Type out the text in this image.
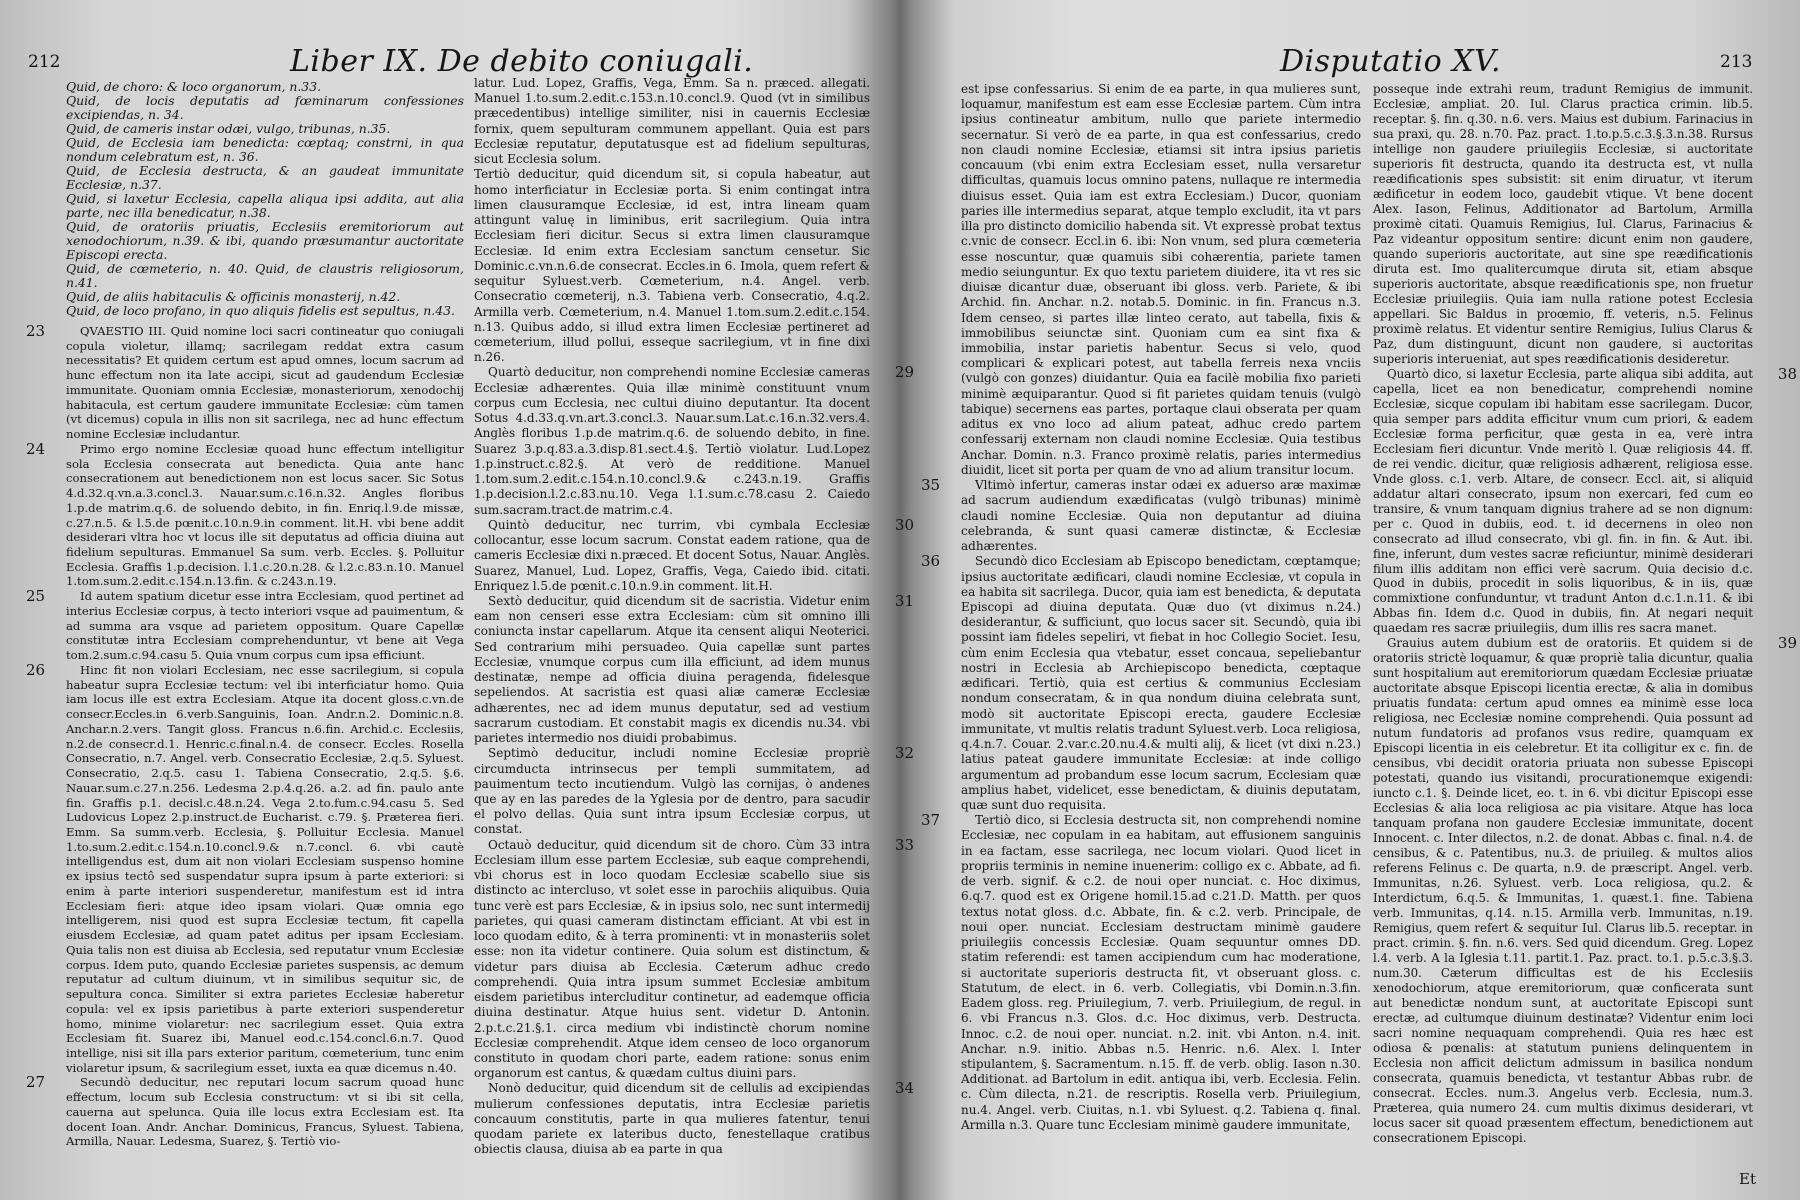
212	Liber IX. De debito coniugali.

Quid, de choro: & loco organorum, n.33.

Quid, de locis deputatis ad fœminarum confessiones excipiendas, n. 34.

Quid, de cameris instar odæi, vulgo, tribunas, n.35.

Quid, de Ecclesia iam benedicta: cœptaq; constrni, in qua nondum celebratum est, n. 36.

Quid, de Ecclesia destructa, & an gaudeat immunitate Ecclesiæ, n.37.

Quid, si laxetur Ecclesia, capella aliqua ipsi addita, aut alia parte, nec illa benedicatur, n.38.

Quid, de oratoriis priuatis, Ecclesiis eremitoriorum aut xenodochiorum, n.39. & ibi, quando præsumantur auctoritate Episcopi erecta.

Quid, de cœmeterio, n. 40. Quid, de claustris religiosorum, n.41.

Quid, de aliis habitaculis & officinis monasterij, n.42.

Quid, de loco profano, in quo aliquis fidelis est sepultus, n.43.

QVAESTIO III. Quid nomine loci sacri contineatur quo coniugali copula violetur, illamq; sacrilegam reddat extra casum necessitatis? Et quidem certum est apud omnes, locum sacrum ad hunc effectum non ita late accipi, sicut ad gaudendum Ecclesiæ immunitate. Quoniam omnia Ecclesiæ, monasteriorum, xenodochij habitacula, est certum gaudere immunitate Ecclesiæ: cùm tamen (vt dicemus) copula in illis non sit sacrilega, nec ad hunc effectum nomine Ecclesiæ includantur.
23

Primo ergo nomine Ecclesiæ quoad hunc effectum intelligitur sola Ecclesia consecrata aut benedicta. Quia ante hanc consecrationem aut benedictionem non est locus sacer. Sic Sotus 4.d.32.q.vn.a.3.concl.3. Nauar.sum.c.16.n.32. Angles floribus 1.p.de matrim.q.6. de soluendo debito, in fin. Enriq.l.9.de missæ, c.27.n.5. & l.5.de pœnit.c.10.n.9.in comment. lit.H. vbi bene addit desiderari vltra hoc vt locus ille sit deputatus ad officia diuina aut fidelium sepulturas. Emmanuel Sa sum. verb. Eccles. §. Polluitur Ecclesia. Graffis 1.p.decision. l.1.c.20.n.28. & l.2.c.83.n.10. Manuel 1.tom.sum.2.edit.c.154.n.13.fin. & c.243.n.19.
24

Id autem spatium dicetur esse intra Ecclesiam, quod pertinet ad interius Ecclesiæ corpus, à tecto interiori vsque ad pauimentum, & ad summa ara vsque ad parietem oppositum. Quare Capellæ constitutæ intra Ecclesiam comprehenduntur, vt bene ait Vega tom.2.sum.c.94.casu 5. Quia vnum corpus cum ipsa efficiunt.
25

Hinc fit non violari Ecclesiam, nec esse sacrilegium, si copula habeatur supra Ecclesiæ tectum: vel ibi interficiatur homo. Quia iam locus ille est extra Ecclesiam. Atque ita docent gloss.c.vn.de consecr.Eccles.in 6.verb.Sanguinis, Ioan. Andr.n.2. Dominic.n.8. Anchar.n.2.vers. Tangit gloss. Francus n.6.fin. Archid.c. Ecclesiis, n.2.de consecr.d.1. Henric.c.final.n.4. de consecr. Eccles. Rosella Consecratio, n.7. Angel. verb. Consecratio Ecclesiæ, 2.q.5. Syluest. Consecratio, 2.q.5. casu 1. Tabiena Consecratio, 2.q.5. §.6. Nauar.sum.c.27.n.256. Ledesma 2.p.4.q.26. a.2. ad fin. paulo ante fin. Graffis p.1. decisl.c.48.n.24. Vega 2.to.fum.c.94.casu 5. Sed Ludovicus Lopez 2.p.instruct.de Eucharist. c.79. §. Præterea fieri. Emm. Sa summ.verb. Ecclesia, §. Polluitur Ecclesia. Manuel 1.to.sum.2.edit.c.154.n.10.concl.9.& n.7.concl. 6. vbi cautè intelligendus est, dum ait non violari Ecclesiam suspenso homine ex ipsius tectô sed suspendatur supra ipsum à parte exteriori: si enim à parte interiori suspenderetur, manifestum est id intra Ecclesiam fieri: atque ideo ipsam violari. Quæ omnia ego intelligerem, nisi quod est supra Ecclesiæ tectum, fit capella eiusdem Ecclesiæ, ad quam patet aditus per ipsam Ecclesiam. Quia talis non est diuisa ab Ecclesia, sed reputatur vnum Ecclesiæ corpus. Idem puto, quando Ecclesiæ parietes suspensis, ac demum reputatur ad cultum diuinum, vt in similibus sequitur sic, de sepultura conca. Similiter si extra parietes Ecclesiæ haberetur copula: vel ex ipsis parietibus à parte exteriori suspenderetur homo, minime violaretur: nec sacrilegium esset. Quia extra Ecclesiam fit. Suarez ibi, Manuel eod.c.154.concl.6.n.7. Quod intellige, nisi sit illa pars exterior paritum, cœmeterium, tunc enim violaretur ipsum, & sacrilegium esset, iuxta ea quæ dicemus n.40.
26

Secundò deducitur, nec reputari locum sacrum quoad hunc effectum, locum sub Ecclesia constructum: vt si ibi sit cella, cauerna aut spelunca. Quia ille locus extra Ecclesiam est. Ita docent Ioan. Andr. Anchar. Dominicus, Francus, Syluest. Tabiena, Armilla, Nauar. Ledesma, Suarez, §. Tertiò vio-
27

latur. Lud. Lopez, Graffis, Vega, Emm. Sa n. præced. allegati. Manuel 1.to.sum.2.edit.c.153.n.10.concl.9. Quod (vt in similibus præcedentibus) intellige similiter, nisi in cauernis Ecclesiæ fornix, quem sepulturam communem appellant. Quia est pars Ecclesiæ reputatur, deputatusque est ad fidelium sepulturas, sicut Ecclesia solum.

Tertiò deducitur, quid dicendum sit, si copula habeatur, aut homo interficiatur in Ecclesiæ porta. Si enim contingat intra limen clausuramque Ecclesiæ, id est, intra lineam quam attingunt valuę in liminibus, erit sacrilegium. Quia intra Ecclesiam fieri dicitur. Secus si extra limen clausuramque Ecclesiæ. Id enim extra Ecclesiam sanctum censetur. Sic Dominic.c.vn.n.6.de consecrat. Eccles.in 6. Imola, quem refert & sequitur Syluest.verb. Cœmeterium, n.4. Angel. verb. Consecratio cœmeterij, n.3. Tabiena verb. Consecratio, 4.q.2. Armilla verb. Cœmeterium, n.4. Manuel 1.tom.sum.2.edit.c.154. n.13. Quibus addo, si illud extra limen Ecclesiæ pertineret ad cœmeterium, illud pollui, esseque sacrilegium, vt in fine dixi n.26.

Quartò deducitur, non comprehendi nomine Ecclesiæ cameras Ecclesiæ adhærentes. Quia illæ minimè constituunt vnum corpus cum Ecclesia, nec cultui diuino deputantur. Ita docent Sotus 4.d.33.q.vn.art.3.concl.3. Nauar.sum.Lat.c.16.n.32.vers.4. Anglès floribus 1.p.de matrim.q.6. de soluendo debito, in fine. Suarez 3.p.q.83.a.3.disp.81.sect.4.§. Tertiò violatur. Lud.Lopez 1.p.instruct.c.82.§. At verò de redditione. Manuel 1.tom.sum.2.edit.c.154.n.10.concl.9.& c.243.n.19. Graffis 1.p.decision.l.2.c.83.nu.10. Vega l.1.sum.c.78.casu 2. Caiedo sum.sacram.tract.de matrim.c.4.
29

Quintò deducitur, nec turrim, vbi cymbala Ecclesiæ collocantur, esse locum sacrum. Constat eadem ratione, qua de cameris Ecclesiæ dixi n.præced. Et docent Sotus, Nauar. Anglès. Suarez, Manuel, Lud. Lopez, Graffis, Vega, Caiedo ibid. citati. Enriquez l.5.de pœnit.c.10.n.9.in comment. lit.H.
30

Sextò deducitur, quid dicendum sit de sacristia. Videtur enim eam non censeri esse extra Ecclesiam: cùm sit omnino illi coniuncta instar capellarum. Atque ita censent aliqui Neoterici. Sed contrarium mihi persuadeo. Quia capellæ sunt partes Ecclesiæ, vnumque corpus cum illa efficiunt, ad idem munus destinatæ, nempe ad officia diuina peragenda, fidelesque sepeliendos. At sacristia est quasi aliæ cameræ Ecclesiæ adhærentes, nec ad idem munus deputatur, sed ad vestium sacrarum custodiam. Et constabit magis ex dicendis nu.34. vbi parietes intermedio nos diuidi probabimus.
31

Septimò deducitur, includi nomine Ecclesiæ propriè circumducta intrinsecus per templi summitatem, ad pauimentum tecto incutiendum. Vulgò las cornijas, ò andenes que ay en las paredes de la Yglesia por de dentro, para sacudir el polvo dellas. Quia sunt intra ipsum Ecclesiæ corpus, ut constat.
32

Octauò deducitur, quid dicendum sit de choro. Cùm 33 intra Ecclesiam illum esse partem Ecclesiæ, sub eaque comprehendi, vbi chorus est in loco quodam Ecclesiæ scabello siue sis distincto ac intercluso, vt solet esse in parochiis aliquibus. Quia tunc verè est pars Ecclesiæ, & in ipsius solo, nec sunt intermedij parietes, qui quasi cameram distinctam efficiant. At vbi est in loco quodam edito, & à terra prominenti: vt in monasteriis solet esse: non ita videtur continere. Quia solum est distinctum, & videtur pars diuisa ab Ecclesia. Cæterum adhuc credo comprehendi. Quia intra ipsum summet Ecclesiæ ambitum eisdem parietibus intercluditur continetur, ad eademque officia diuina destinatur. Atque huius sent. videtur D. Antonin. 2.p.t.c.21.§.1. circa medium vbi indistinctè chorum nomine Ecclesiæ comprehendit. Atque idem censeo de loco organorum constituto in quodam chori parte, eadem ratione: sonus enim organorum est cantus, & quædam cultus diuini pars.
33

Nonò deducitur, quid dicendum sit de cellulis ad excipiendas mulierum confessiones deputatis, intra Ecclesiæ parietis concauum constitutis, parte in qua mulieres fatentur, tenui quodam pariete ex lateribus ducto, fenestellaque cratibus obiectis clausa, diuisa ab ea parte in qua
34

Disputatio XV.	213

est ipse confessarius. Si enim de ea parte, in qua mulieres sunt, loquamur, manifestum est eam esse Ecclesiæ partem. Cùm intra ipsius contineatur ambitum, nullo que pariete intermedio secernatur. Si verò de ea parte, in qua est confessarius, credo non claudi nomine Ecclesiæ, etiamsi sit intra ipsius parietis concauum (vbi enim extra Ecclesiam esset, nulla versaretur difficultas, quamuis locus omnino patens, nullaque re intermedia diuisus esset. Quia iam est extra Ecclesiam.) Ducor, quoniam paries ille intermedius separat, atque templo excludit, ita vt pars illa pro distincto domicilio habenda sit. Vt expressè probat textus c.vnic de consecr. Eccl.in 6. ibi: Non vnum, sed plura cœmeteria esse noscuntur, quæ quamuis sibi cohærentia, pariete tamen medio seiunguntur. Ex quo textu parietem diuidere, ita vt res sic diuisæ dicantur duæ, obseruant ibi gloss. verb. Pariete, & ibi Archid. fin. Anchar. n.2. notab.5. Dominic. in fin. Francus n.3. Idem censeo, si partes illæ linteo cerato, aut tabella, fixis & immobilibus seiunctæ sint. Quoniam cum ea sint fixa & immobilia, instar parietis habentur. Secus si velo, quod complicari & explicari potest, aut tabella ferreis nexa vnciis (vulgò con gonzes) diuidantur. Quia ea facilè mobilia fixo parieti minimè æquiparantur. Quod si fit parietes quidam tenuis (vulgò tabique) secernens eas partes, portaque claui obserata per quam aditus ex vno loco ad alium pateat, adhuc credo partem confessarij externam non claudi nomine Ecclesiæ. Quia testibus Anchar. Domin. n.3. Franco proximè relatis, paries intermedius diuidit, licet sit porta per quam de vno ad alium transitur locum.

Vltimò infertur, cameras instar odæi ex aduerso aræ maximæ ad sacrum audiendum exædificatas (vulgò tribunas) minimè claudi nomine Ecclesiæ. Quia non deputantur ad diuina celebranda, & sunt quasi cameræ distinctæ, & Ecclesiæ adhærentes.
35

Secundò dico Ecclesiam ab Episcopo benedictam, cœptamque; ipsius auctoritate ædificari, claudi nomine Ecclesiæ, vt copula in ea habita sit sacrilega. Ducor, quia iam est benedicta, & deputata Episcopi ad diuina deputata. Quæ duo (vt diximus n.24.) desiderantur, & sufficiunt, quo locus sacer sit. Secundò, quia ibi possint iam fideles sepeliri, vt fiebat in hoc Collegio Societ. Iesu, cùm enim Ecclesia qua vtebatur, esset concaua, sepeliebantur nostri in Ecclesia ab Archiepiscopo benedicta, cœptaque ædificari. Tertiò, quia est certius & communius Ecclesiam nondum consecratam, & in qua nondum diuina celebrata sunt, modò sit auctoritate Episcopi erecta, gaudere Ecclesiæ immunitate, vt multis relatis tradunt Syluest.verb. Loca religiosa, q.4.n.7. Couar. 2.var.c.20.nu.4.& multi alij, & licet (vt dixi n.23.) latius pateat gaudere immunitate Ecclesiæ: at inde colligo argumentum ad probandum esse locum sacrum, Ecclesiam quæ amplius habet, videlicet, esse benedictam, & diuinis deputatam, quæ sunt duo requisita.
36

Tertiò dico, si Ecclesia destructa sit, non comprehendi nomine Ecclesiæ, nec copulam in ea habitam, aut effusionem sanguinis in ea factam, esse sacrilega, nec locum violari. Quod licet in propriis terminis in nemine inuenerim: colligo ex c. Abbate, ad fi. de verb. signif. & c.2. de noui oper nunciat. c. Hoc diximus, 6.q.7. quod est ex Origene homil.15.ad c.21.D. Matth. per quos textus notat gloss. d.c. Abbate, fin. & c.2. verb. Principale, de noui oper. nunciat. Ecclesiam destructam minimè gaudere priuilegiis concessis Ecclesiæ. Quam sequuntur omnes DD. statim referendi: est tamen accipiendum cum hac moderatione, si auctoritate superioris destructa fit, vt obseruant gloss. c. Statutum, de elect. in 6. verb. Collegiatis, vbi Domin.n.3.fin. Eadem gloss. reg. Priuilegium, 7. verb. Priuilegium, de regul. in 6. vbi Francus n.3. Glos. d.c. Hoc diximus, verb. Destructa. Innoc. c.2. de noui oper. nunciat. n.2. init. vbi Anton. n.4. init. Anchar. n.9. initio. Abbas n.5. Henric. n.6. Alex. l. Inter stipulantem, §. Sacramentum. n.15. ff. de verb. oblig. Iason n.30. Additionat. ad Bartolum in edit. antiqua ibi, verb. Ecclesia. Felin. c. Cùm dilecta, n.21. de rescriptis. Rosella verb. Priuilegium, nu.4. Angel. verb. Ciuitas, n.1. vbi Syluest. q.2. Tabiena q. final. Armilla n.3. Quare tunc Ecclesiam minimè gaudere immunitate,
37

posseque inde extrahi reum, tradunt Remigius de immunit. Ecclesiæ, ampliat. 20. Iul. Clarus practica crimin. lib.5. receptar. §. fin. q.30. n.6. vers. Maius est dubium. Farinacius in sua praxi, qu. 28. n.70. Paz. pract. 1.to.p.5.c.3.§.3.n.38. Rursus intellige non gaudere priuilegiis Ecclesiæ, si auctoritate superioris fit destructa, quando ita destructa est, vt nulla reædificationis spes subsistit: sit enim diruatur, vt iterum ædificetur in eodem loco, gaudebit vtique. Vt bene docent Alex. Iason, Felinus, Additionator ad Bartolum, Armilla proximè citati. Quamuis Remigius, Iul. Clarus, Farinacius & Paz videantur oppositum sentire: dicunt enim non gaudere, quando superioris auctoritate, aut sine spe reædificationis diruta est. Imo qualitercumque diruta sit, etiam absque superioris auctoritate, absque reædificationis spe, non fruetur Ecclesiæ priuilegiis. Quia iam nulla ratione potest Ecclesia appellari. Sic Baldus in proœmio, ff. veteris, n.5. Felinus proximè relatus. Et videntur sentire Remigius, Iulius Clarus & Paz, dum distinguunt, dicunt non gaudere, si auctoritas superioris interueniat, aut spes reædificationis desideretur.

Quartò dico, si laxetur Ecclesia, parte aliqua sibi addita, aut capella, licet ea non benedicatur, comprehendi nomine Ecclesiæ, sicque copulam ibi habitam esse sacrilegam. Ducor, quia semper pars addita efficitur vnum cum priori, & eadem Ecclesiæ forma perficitur, quæ gesta in ea, verè intra Ecclesiam fieri dicuntur. Vnde meritò l. Quæ religiosis 44. ff. de rei vendic. dicitur, quæ religiosis adhærent, religiosa esse. Vnde gloss. c.1. verb. Altare, de consecr. Eccl. ait, si aliquid addatur altari consecrato, ipsum non exercari, fed cum eo transire, & vnum tanquam dignius trahere ad se non dignum: per c. Quod in dubiis, eod. t. id decernens in oleo non consecrato ad illud consecrato, vbi gl. fin. in fin. & Aut. ibi. fine, inferunt, dum vestes sacræ reficiuntur, minimè desiderari filum illis additam non effici verè sacrum. Quia decisio d.c. Quod in dubiis, procedit in solis liquoribus, & in iis, quæ commixtione confunduntur, vt tradunt Anton d.c.1.n.11. & ibi Abbas fin. Idem d.c. Quod in dubiis, fin. At negari nequit quaedam res sacræ priuilegiis, dum illis res sacra manet.
38

Grauius autem dubium est de oratoriis. Et quidem si de oratoriis strictè loquamur, & quæ propriè talia dicuntur, qualia sunt hospitalium aut eremitoriorum quædam Ecclesiæ priuatæ auctoritate absque Episcopi licentia erectæ, & alia in domibus priuatis fundata: certum apud omnes ea minimè esse loca religiosa, nec Ecclesiæ nomine comprehendi. Quia possunt ad nutum fundatoris ad profanos vsus redire, quamquam ex Episcopi licentia in eis celebretur. Et ita colligitur ex c. fin. de censibus, vbi decidit oratoria priuata non subesse Episcopi potestati, quando ius visitandi, procurationemque exigendi: iuncto c.1. §. Deinde licet, eo. t. in 6. vbi dicitur Episcopi esse Ecclesias & alia loca religiosa ac pia visitare. Atque has loca tanquam profana non gaudere Ecclesiæ immunitate, docent Innocent. c. Inter dilectos, n.2. de donat. Abbas c. final. n.4. de censibus, & c. Patentibus, nu.3. de priuileg. & multos alios referens Felinus c. De quarta, n.9. de præscript. Angel. verb. Immunitas, n.26. Syluest. verb. Loca religiosa, qu.2. & Interdictum, 6.q.5. & Immunitas, 1. quæst.1. fine. Tabiena verb. Immunitas, q.14. n.15. Armilla verb. Immunitas, n.19. Remigius, quem refert & sequitur Iul. Clarus lib.5. receptar. in pract. crimin. §. fin. n.6. vers. Sed quid dicendum. Greg. Lopez l.4. verb. A la Iglesia t.11. partit.1. Paz. pract. to.1. p.5.c.3.§.3. num.30. Cæterum difficultas est de his Ecclesiis xenodochiorum, atque eremitoriorum, quæ conficerata sunt aut benedictæ nondum sunt, at auctoritate Episcopi sunt erectæ, ad cultumque diuinum destinatæ? Videntur enim loci sacri nomine nequaquam comprehendi. Quia res hæc est odiosa & pœnalis: at statutum puniens delinquentem in Ecclesia non afficit delictum admissum in basilica nondum consecrata, quamuis benedicta, vt testantur Abbas rubr. de consecrat. Eccles. num.3. Angelus verb. Ecclesia, num.3. Præterea, quia numero 24. cum multis diximus desiderari, vt locus sacer sit quoad præsentem effectum, benedictionem aut consecrationem Episcopi.
39

Et
